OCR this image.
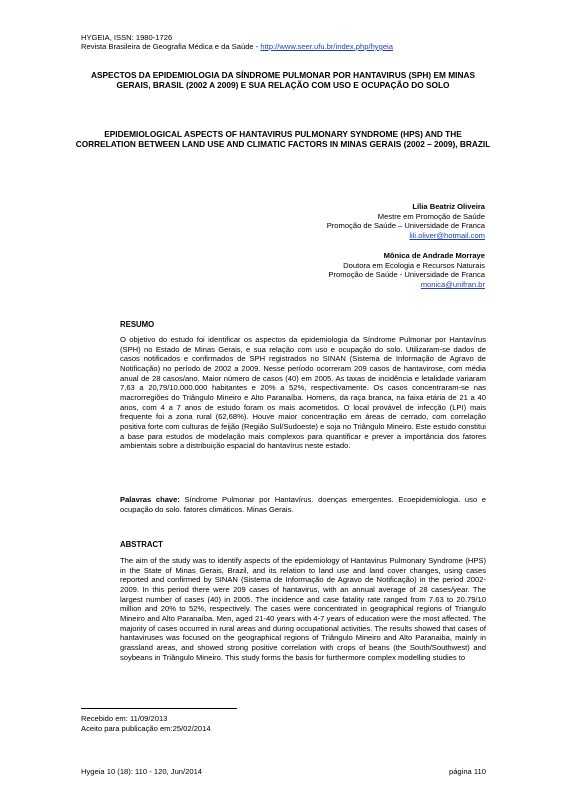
HYGEIA, ISSN: 1980-1726
Revista Brasileira de Geografia Médica e da Saúde - http://www.seer.ufu.br/index.php/hygeia
ASPECTOS DA EPIDEMIOLOGIA DA SÍNDROME PULMONAR POR HANTAVIRUS (SPH) EM MINAS GERAIS, BRASIL (2002 A 2009) E SUA RELAÇÃO COM USO E OCUPAÇÃO DO SOLO
EPIDEMIOLOGICAL ASPECTS OF HANTAVIRUS PULMONARY SYNDROME (HPS) AND THE CORRELATION BETWEEN LAND USE AND CLIMATIC FACTORS IN MINAS GERAIS (2002 – 2009), BRAZIL
Lília Beatriz Oliveira
Mestre em Promoção de Saúde
Promoção de Saúde – Universidade de Franca
lili.oliver@hotmail.com
Mônica de Andrade Morraye
Doutora em Ecologia e Recursos Naturais
Promoção de Saúde - Universidade de Franca
monica@unifran.br
RESUMO
O objetivo do estudo foi identificar os aspectos da epidemiologia da Síndrome Pulmonar por Hantavírus (SPH) no Estado de Minas Gerais, e sua relação com uso e ocupação do solo. Utilizaram-se dados de casos notificados e confirmados de SPH registrados no SINAN (Sistema de Informação de Agravo de Notificação) no período de 2002 a 2009. Nesse período ocorreram 209 casos de hantavirose, com média anual de 28 casos/ano. Maior número de casos (40) em 2005. As taxas de incidência e letalidade variaram 7,63 a 20,79/10.000.000 habitantes e 20% a 52%, respectivamente. Os casos concentraram-se nas macrorregiões do Triângulo Mineiro e Alto Paranaíba. Homens, da raça branca, na faixa etária de 21 a 40 anos, com 4 a 7 anos de estudo foram os mais acometidos. O local provável de infecção (LPI) mais frequente foi a zona rural (62,68%). Houve maior concentração em áreas de cerrado, com correlação positiva forte com culturas de feijão (Região Sul/Sudoeste) e soja no Triângulo Mineiro. Este estudo constitui a base para estudos de modelação mais complexos para quantificar e prever a importância dos fatores ambientais sobre a distribuição espacial do hantavírus neste estado.
Palavras chave: Síndrome Pulmonar por Hantavírus. doenças emergentes. Ecoepidemiologia. uso e ocupação do solo. fatores climáticos. Minas Gerais.
ABSTRACT
The aim of the study was to identify aspects of the epidemiology of Hantavirus Pulmonary Syndrome (HPS) in the State of Minas Gerais, Brazil, and its relation to land use and land cover changes, using cases reported and confirmed by SINAN (Sistema de Informação de Agravo de Notificação) in the period 2002-2009. In this period there were 209 cases of hantavirus, with an annual average of 28 cases/year. The largest number of cases (40) in 2005. The incidence and case fatality rate ranged from 7.63 to 20.79/10 million and 20% to 52%, respectively. The cases were concentrated in geographical regions of Triangulo Mineiro and Alto Paranaíba. Men, aged 21-40 years with 4-7 years of education were the most affected. The majority of cases occurred in rural areas and during occupational activities. The results showed that cases of hantaviruses was focused on the geographical regions of Triângulo Mineiro and Alto Paranaiba, mainly in grassland areas, and showed strong positive correlation with crops of beans (the South/Southwest) and soybeans in Triângulo Mineiro. This study forms the basis for furthermore complex modelling studies to
Recebido em: 11/09/2013
Aceito para publicação em:25/02/2014
Hygeia 10 (18): 110 - 120, Jun/2014	página 110
